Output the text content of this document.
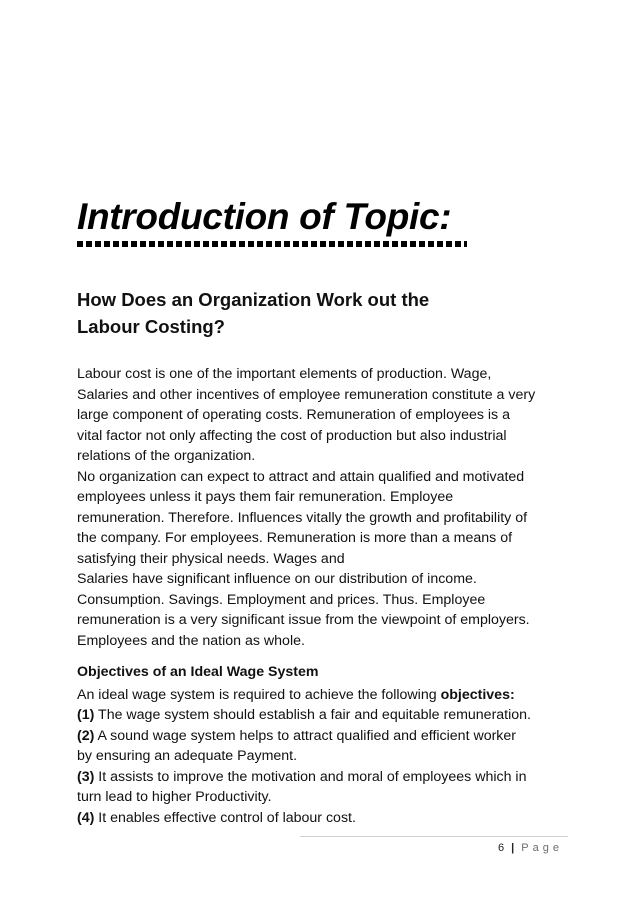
Introduction of Topic:
How Does an Organization Work out the
Labour Costing?
Labour cost is one of the important elements of production. Wage,
Salaries and other incentives of employee remuneration constitute a very
large component of operating costs. Remuneration of employees is a
vital factor not only affecting the cost of production but also industrial
relations of the organization.
No organization can expect to attract and attain qualified and motivated
employees unless it pays them fair remuneration. Employee
remuneration. Therefore. Influences vitally the growth and profitability of
the company. For employees. Remuneration is more than a means of
satisfying their physical needs. Wages and
Salaries have significant influence on our distribution of income.
Consumption. Savings. Employment and prices. Thus. Employee
remuneration is a very significant issue from the viewpoint of employers.
Employees and the nation as whole.
Objectives of an Ideal Wage System
An ideal wage system is required to achieve the following objectives:
(1) The wage system should establish a fair and equitable remuneration.
(2) A sound wage system helps to attract qualified and efficient worker
by ensuring an adequate Payment.
(3) It assists to improve the motivation and moral of employees which in
turn lead to higher Productivity.
(4) It enables effective control of labour cost.
6 | Page
